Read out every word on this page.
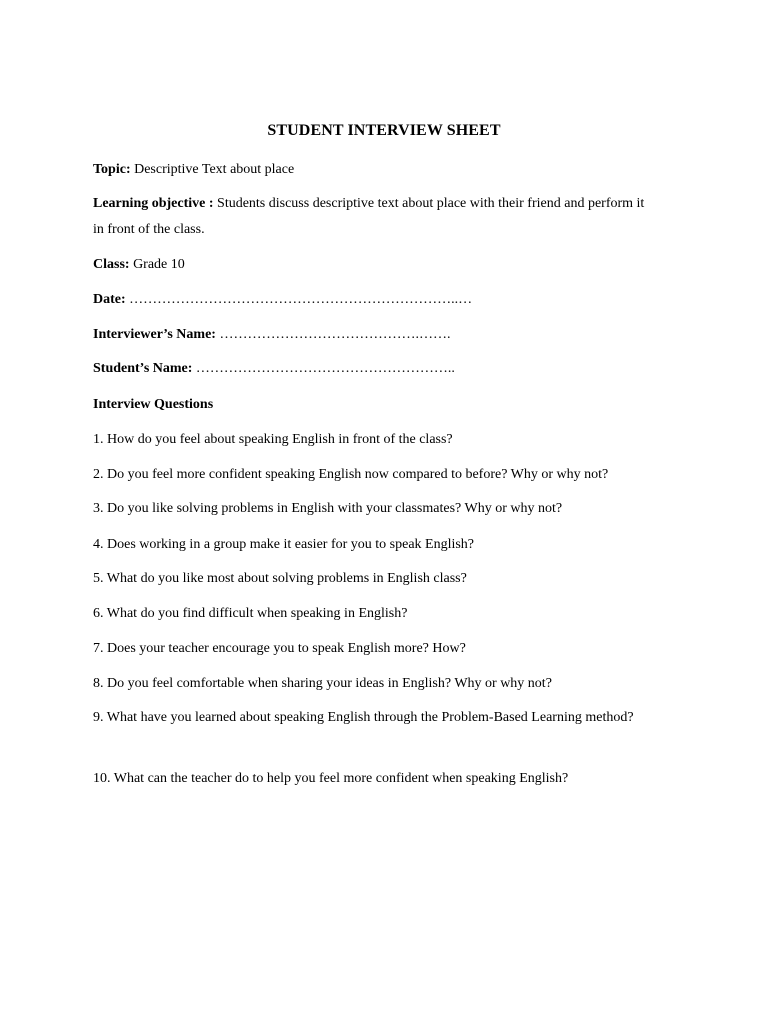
STUDENT INTERVIEW SHEET

Topic: Descriptive Text about place

Learning objective : Students discuss descriptive text about place with their friend and perform it in front of the class.

Class: Grade 10

Date: ……………………………………………………………..…

Interviewer’s Name: …………………………………….…….

Student’s Name: ………………………………………………..

Interview Questions

1. How do you feel about speaking English in front of the class?

2. Do you feel more confident speaking English now compared to before? Why or why not?

3. Do you like solving problems in English with your classmates? Why or why not?

4. Does working in a group make it easier for you to speak English?

5. What do you like most about solving problems in English class?

6. What do you find difficult when speaking in English?

7. Does your teacher encourage you to speak English more? How?

8. Do you feel comfortable when sharing your ideas in English? Why or why not?

9. What have you learned about speaking English through the Problem-Based Learning method?

10. What can the teacher do to help you feel more confident when speaking English?
